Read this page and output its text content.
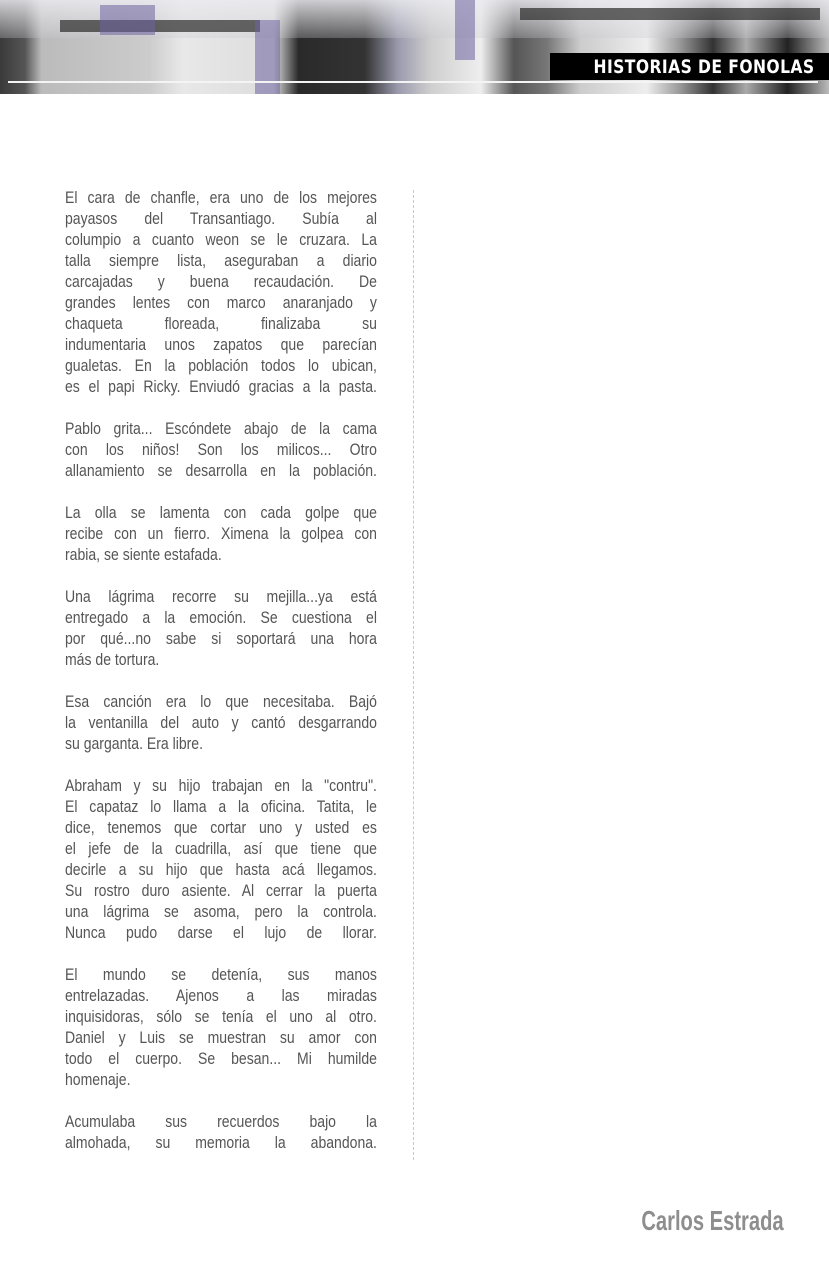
HISTORIAS DE FONOLAS
El cara de chanfle, era uno de los mejores
payasos del Transantiago. Subía al
columpio a cuanto weon se le cruzara. La
talla siempre lista, aseguraban a diario
carcajadas y buena recaudación. De
grandes lentes con marco anaranjado y
chaqueta floreada, finalizaba su
indumentaria unos zapatos que parecían
gualetas. En la población todos lo ubican,
es el papi Ricky. Enviudó gracias a la pasta.
Pablo grita... Escóndete abajo de la cama
con los niños! Son los milicos... Otro
allanamiento se desarrolla en la población.
La olla se lamenta con cada golpe que
recibe con un fierro. Ximena la golpea con
rabia, se siente estafada.
Una lágrima recorre su mejilla...ya está
entregado a la emoción. Se cuestiona el
por qué...no sabe si soportará una hora
más de tortura.
Esa canción era lo que necesitaba. Bajó
la ventanilla del auto y cantó desgarrando
su garganta. Era libre.
Abraham y su hijo trabajan en la "contru".
El capataz lo llama a la oficina. Tatita, le
dice, tenemos que cortar uno y usted es
el jefe de la cuadrilla, así que tiene que
decirle a su hijo que hasta acá llegamos.
Su rostro duro asiente. Al cerrar la puerta
una lágrima se asoma, pero la controla.
Nunca pudo darse el lujo de llorar.
El mundo se detenía, sus manos
entrelazadas. Ajenos a las miradas
inquisidoras, sólo se tenía el uno al otro.
Daniel y Luis se muestran su amor con
todo el cuerpo. Se besan... Mi humilde
homenaje.
Acumulaba sus recuerdos bajo la
almohada, su memoria la abandona.
Carlos Estrada
